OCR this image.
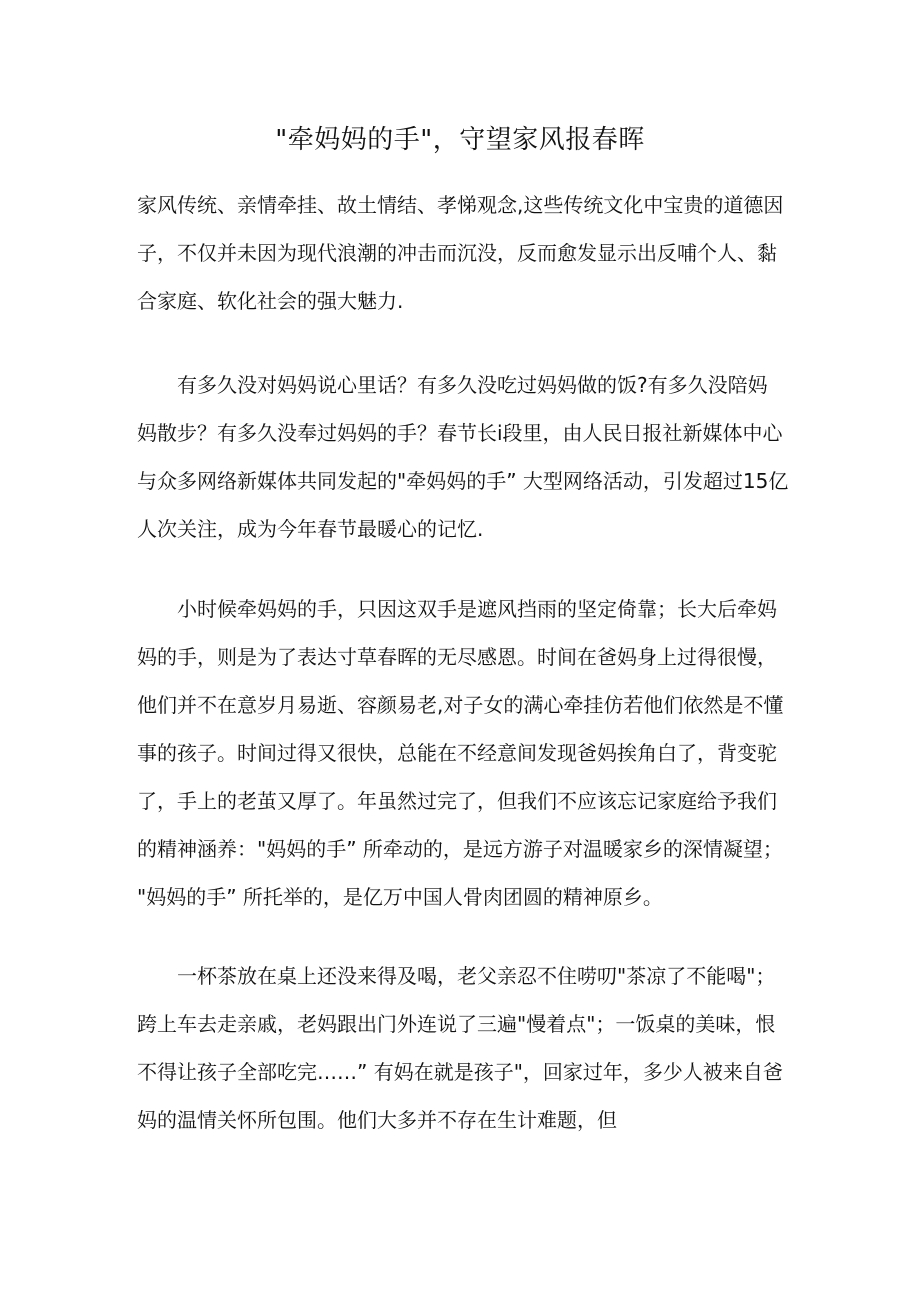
"牵妈妈的手"，守望家风报春晖
家风传统、亲情牵挂、故土情结、孝悌观念,这些传统文化中宝贵的道德因
子，不仅并未因为现代浪潮的冲击而沉没，反而愈发显示出反哺个人、黏
合家庭、软化社会的强大魅力.
有多久没对妈妈说心里话？有多久没吃过妈妈做的饭?有多久没陪妈
妈散步？有多久没奉过妈妈的手？春节长i段里，由人民日报社新媒体中心
与众多网络新媒体共同发起的"牵妈妈的手” 大型网络活动，引发超过15亿
人次关注，成为今年春节最暖心的记忆.
小时候牵妈妈的手，只因这双手是遮风挡雨的坚定倚靠；长大后牵妈
妈的手，则是为了表达寸草春晖的无尽感恩。时间在爸妈身上过得很慢，
他们并不在意岁月易逝、容颜易老,对子女的满心牵挂仿若他们依然是不懂
事的孩子。时间过得又很快，总能在不经意间发现爸妈挨角白了，背变驼
了，手上的老茧又厚了。年虽然过完了，但我们不应该忘记家庭给予我们
的精神涵养："妈妈的手” 所牵动的，是远方游子对温暖家乡的深情凝望；
"妈妈的手” 所托举的，是亿万中国人骨肉团圆的精神原乡。
一杯茶放在桌上还没来得及喝，老父亲忍不住唠叨"茶凉了不能喝"；
跨上车去走亲戚，老妈跟出门外连说了三遍"慢着点"；一饭桌的美味，恨
不得让孩子全部吃完……” 有妈在就是孩子"，回家过年，多少人被来自爸
妈的温情关怀所包围。他们大多并不存在生计难题，但
